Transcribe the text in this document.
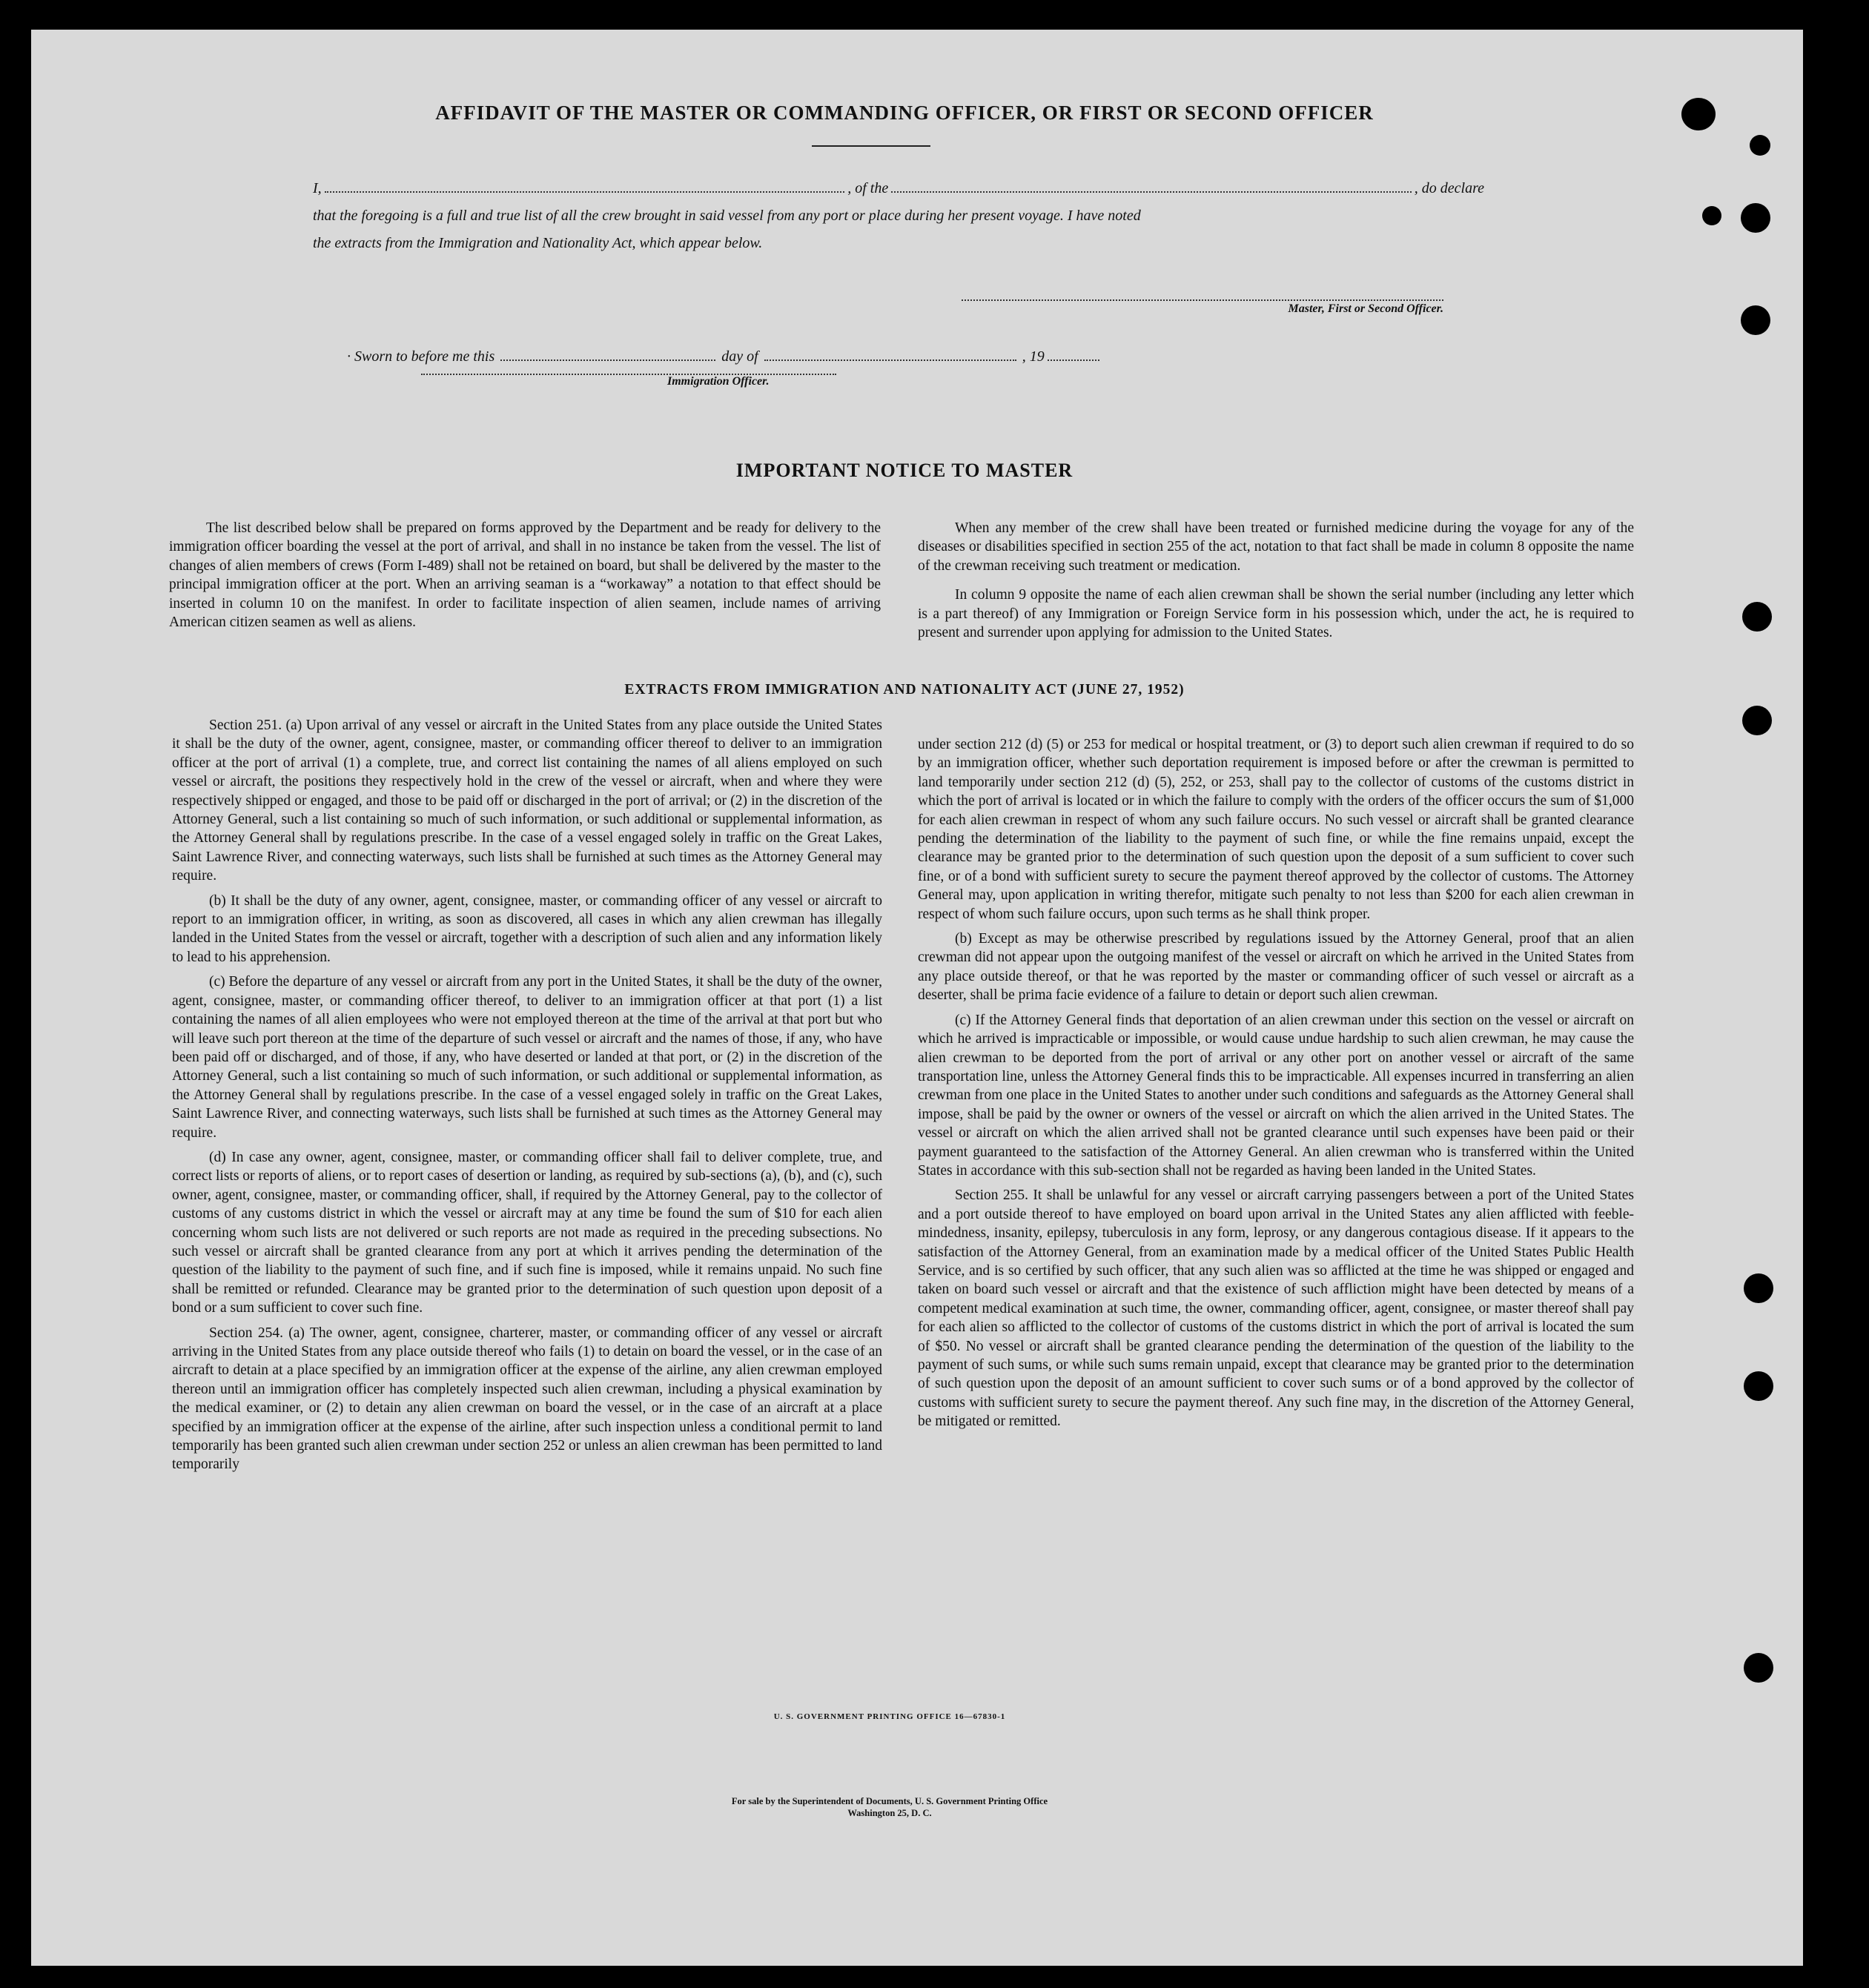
AFFIDAVIT OF THE MASTER OR COMMANDING OFFICER, OR FIRST OR SECOND OFFICER
I,	, of the	, do declare
that the foregoing is a full and true list of all the crew brought in said vessel from any port or place during her present voyage. I have noted
the extracts from the Immigration and Nationality Act, which appear below.
Master, First or Second Officer.
· Sworn to before me this	day of	, 19
Immigration Officer.
IMPORTANT NOTICE TO MASTER

The list described below shall be prepared on forms approved by the Department and be ready for delivery to the immigration officer boarding the vessel at the port of arrival, and shall in no instance be taken from the vessel. The list of changes of alien members of crews (Form I-489) shall not be retained on board, but shall be delivered by the master to the principal immigration officer at the port. When an arriving seaman is a “workaway” a notation to that effect should be inserted in column 10 on the manifest. In order to facilitate inspection of alien seamen, include names of arriving American citizen seamen as well as aliens.

When any member of the crew shall have been treated or furnished medicine during the voyage for any of the diseases or disabilities specified in section 255 of the act, notation to that fact shall be made in column 8 opposite the name of the crewman receiving such treatment or medication.

In column 9 opposite the name of each alien crewman shall be shown the serial number (including any letter which is a part thereof) of any Immigration or Foreign Service form in his possession which, under the act, he is required to present and surrender upon applying for admission to the United States.

EXTRACTS FROM IMMIGRATION AND NATIONALITY ACT (JUNE 27, 1952)

Section 251. (a) Upon arrival of any vessel or aircraft in the United States from any place outside the United States it shall be the duty of the owner, agent, consignee, master, or commanding officer thereof to deliver to an immigration officer at the port of arrival (1) a complete, true, and correct list containing the names of all aliens employed on such vessel or aircraft, the positions they respectively hold in the crew of the vessel or aircraft, when and where they were respectively shipped or engaged, and those to be paid off or discharged in the port of arrival; or (2) in the discretion of the Attorney General, such a list containing so much of such information, or such additional or supplemental information, as the Attorney General shall by regulations prescribe. In the case of a vessel engaged solely in traffic on the Great Lakes, Saint Lawrence River, and connecting waterways, such lists shall be furnished at such times as the Attorney General may require.

(b) It shall be the duty of any owner, agent, consignee, master, or commanding officer of any vessel or aircraft to report to an immigration officer, in writing, as soon as discovered, all cases in which any alien crewman has illegally landed in the United States from the vessel or aircraft, together with a description of such alien and any information likely to lead to his apprehension.

(c) Before the departure of any vessel or aircraft from any port in the United States, it shall be the duty of the owner, agent, consignee, master, or commanding officer thereof, to deliver to an immigration officer at that port (1) a list containing the names of all alien employees who were not employed thereon at the time of the arrival at that port but who will leave such port thereon at the time of the departure of such vessel or aircraft and the names of those, if any, who have been paid off or discharged, and of those, if any, who have deserted or landed at that port, or (2) in the discretion of the Attorney General, such a list containing so much of such information, or such additional or supplemental information, as the Attorney General shall by regulations prescribe. In the case of a vessel engaged solely in traffic on the Great Lakes, Saint Lawrence River, and connecting waterways, such lists shall be furnished at such times as the Attorney General may require.

(d) In case any owner, agent, consignee, master, or commanding officer shall fail to deliver complete, true, and correct lists or reports of aliens, or to report cases of desertion or landing, as required by sub-sections (a), (b), and (c), such owner, agent, consignee, master, or commanding officer, shall, if required by the Attorney General, pay to the collector of customs of any customs district in which the vessel or aircraft may at any time be found the sum of $10 for each alien concerning whom such lists are not delivered or such reports are not made as required in the preceding subsections. No such vessel or aircraft shall be granted clearance from any port at which it arrives pending the determination of the question of the liability to the payment of such fine, and if such fine is imposed, while it remains unpaid. No such fine shall be remitted or refunded. Clearance may be granted prior to the determination of such question upon deposit of a bond or a sum sufficient to cover such fine.

Section 254. (a) The owner, agent, consignee, charterer, master, or commanding officer of any vessel or aircraft arriving in the United States from any place outside thereof who fails (1) to detain on board the vessel, or in the case of an aircraft to detain at a place specified by an immigration officer at the expense of the airline, any alien crewman employed thereon until an immigration officer has completely inspected such alien crewman, including a physical examination by the medical examiner, or (2) to detain any alien crewman on board the vessel, or in the case of an aircraft at a place specified by an immigration officer at the expense of the airline, after such inspection unless a conditional permit to land temporarily has been granted such alien crewman under section 252 or unless an alien crewman has been permitted to land temporarily

under section 212 (d) (5) or 253 for medical or hospital treatment, or (3) to deport such alien crewman if required to do so by an immigration officer, whether such deportation requirement is imposed before or after the crewman is permitted to land temporarily under section 212 (d) (5), 252, or 253, shall pay to the collector of customs of the customs district in which the port of arrival is located or in which the failure to comply with the orders of the officer occurs the sum of $1,000 for each alien crewman in respect of whom any such failure occurs. No such vessel or aircraft shall be granted clearance pending the determination of the liability to the payment of such fine, or while the fine remains unpaid, except the clearance may be granted prior to the determination of such question upon the deposit of a sum sufficient to cover such fine, or of a bond with sufficient surety to secure the payment thereof approved by the collector of customs. The Attorney General may, upon application in writing therefor, mitigate such penalty to not less than $200 for each alien crewman in respect of whom such failure occurs, upon such terms as he shall think proper.

(b) Except as may be otherwise prescribed by regulations issued by the Attorney General, proof that an alien crewman did not appear upon the outgoing manifest of the vessel or aircraft on which he arrived in the United States from any place outside thereof, or that he was reported by the master or commanding officer of such vessel or aircraft as a deserter, shall be prima facie evidence of a failure to detain or deport such alien crewman.

(c) If the Attorney General finds that deportation of an alien crewman under this section on the vessel or aircraft on which he arrived is impracticable or impossible, or would cause undue hardship to such alien crewman, he may cause the alien crewman to be deported from the port of arrival or any other port on another vessel or aircraft of the same transportation line, unless the Attorney General finds this to be impracticable. All expenses incurred in transferring an alien crewman from one place in the United States to another under such conditions and safeguards as the Attorney General shall impose, shall be paid by the owner or owners of the vessel or aircraft on which the alien arrived in the United States. The vessel or aircraft on which the alien arrived shall not be granted clearance until such expenses have been paid or their payment guaranteed to the satisfaction of the Attorney General. An alien crewman who is transferred within the United States in accordance with this sub-section shall not be regarded as having been landed in the United States.

Section 255. It shall be unlawful for any vessel or aircraft carrying passengers between a port of the United States and a port outside thereof to have employed on board upon arrival in the United States any alien afflicted with feeble-mindedness, insanity, epilepsy, tuberculosis in any form, leprosy, or any dangerous contagious disease. If it appears to the satisfaction of the Attorney General, from an examination made by a medical officer of the United States Public Health Service, and is so certified by such officer, that any such alien was so afflicted at the time he was shipped or engaged and taken on board such vessel or aircraft and that the existence of such affliction might have been detected by means of a competent medical examination at such time, the owner, commanding officer, agent, consignee, or master thereof shall pay for each alien so afflicted to the collector of customs of the customs district in which the port of arrival is located the sum of $50. No vessel or aircraft shall be granted clearance pending the determination of the question of the liability to the payment of such sums, or while such sums remain unpaid, except that clearance may be granted prior to the determination of such question upon the deposit of an amount sufficient to cover such sums or of a bond approved by the collector of customs with sufficient surety to secure the payment thereof. Any such fine may, in the discretion of the Attorney General, be mitigated or remitted.

U. S. GOVERNMENT PRINTING OFFICE 16—67830-1
For sale by the Superintendent of Documents, U. S. Government Printing Office
Washington 25, D. C.
